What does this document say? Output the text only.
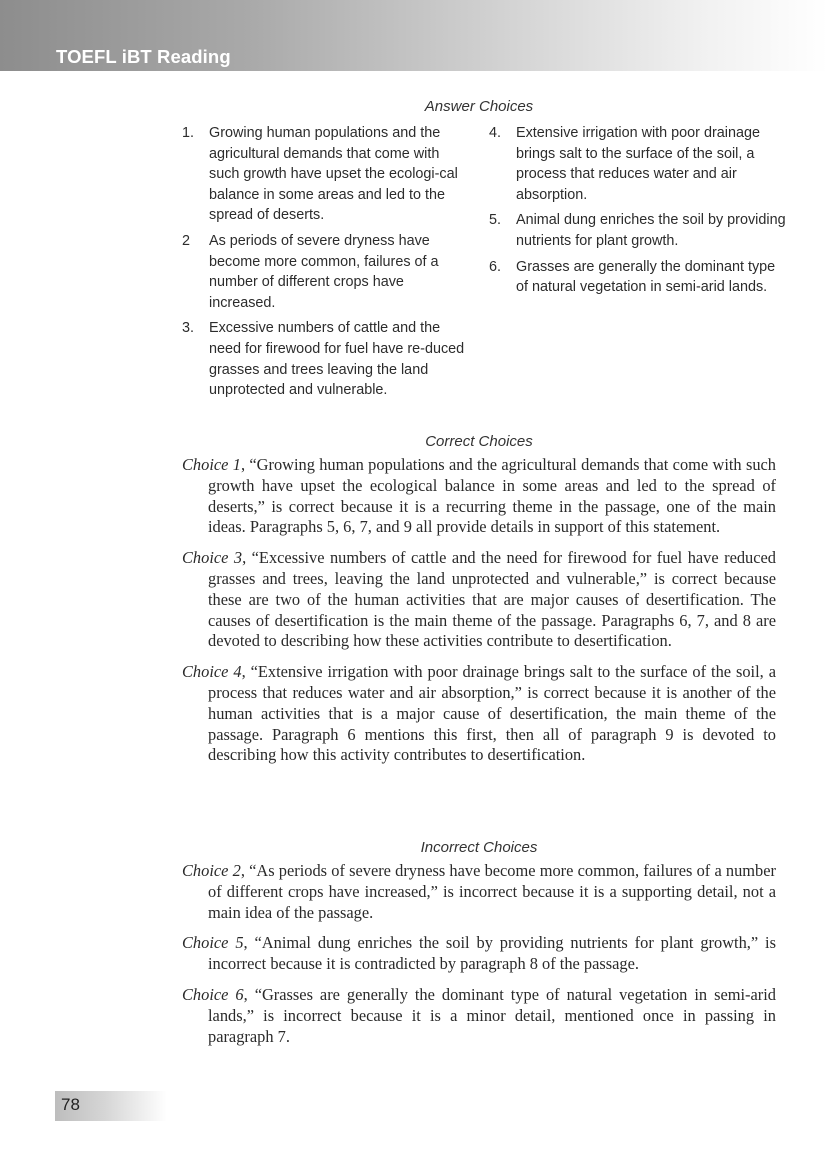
TOEFL iBT Reading
Answer Choices
1.	Growing human populations and the agricultural demands that come with such growth have upset the ecologi-cal balance in some areas and led to the spread of deserts.
2	As periods of severe dryness have become more common, failures of a number of different crops have increased.
3.	Excessive numbers of cattle and the need for firewood for fuel have re-duced grasses and trees leaving the land unprotected and vulnerable.
4.	Extensive irrigation with poor drainage brings salt to the surface of the soil, a process that reduces water and air absorption.
5.	Animal dung enriches the soil by providing nutrients for plant growth.
6.	Grasses are generally the dominant type of natural vegetation in semi-arid lands.
Correct Choices

Choice 1, “Growing human populations and the agricultural demands that come with such growth have upset the ecological balance in some areas and led to the spread of deserts,” is correct because it is a recurring theme in the passage, one of the main ideas. Paragraphs 5, 6, 7, and 9 all provide details in support of this statement.

Choice 3, “Excessive numbers of cattle and the need for firewood for fuel have reduced grasses and trees, leaving the land unprotected and vulnerable,” is correct because these are two of the human activities that are major causes of desertification. The causes of desertification is the main theme of the passage. Paragraphs 6, 7, and 8 are devoted to describing how these activities contribute to desertification.

Choice 4, “Extensive irrigation with poor drainage brings salt to the surface of the soil, a process that reduces water and air absorption,” is correct because it is another of the human activities that is a major cause of desertification, the main theme of the passage. Paragraph 6 mentions this first, then all of paragraph 9 is devoted to describing how this activity contributes to desertification.

Incorrect Choices

Choice 2, “As periods of severe dryness have become more common, failures of a number of different crops have increased,” is incorrect because it is a supporting detail, not a main idea of the passage.

Choice 5, “Animal dung enriches the soil by providing nutrients for plant growth,” is incorrect because it is contradicted by paragraph 8 of the passage.

Choice 6, “Grasses are generally the dominant type of natural vegetation in semi-arid lands,” is incorrect because it is a minor detail, mentioned once in passing in paragraph 7.

78
